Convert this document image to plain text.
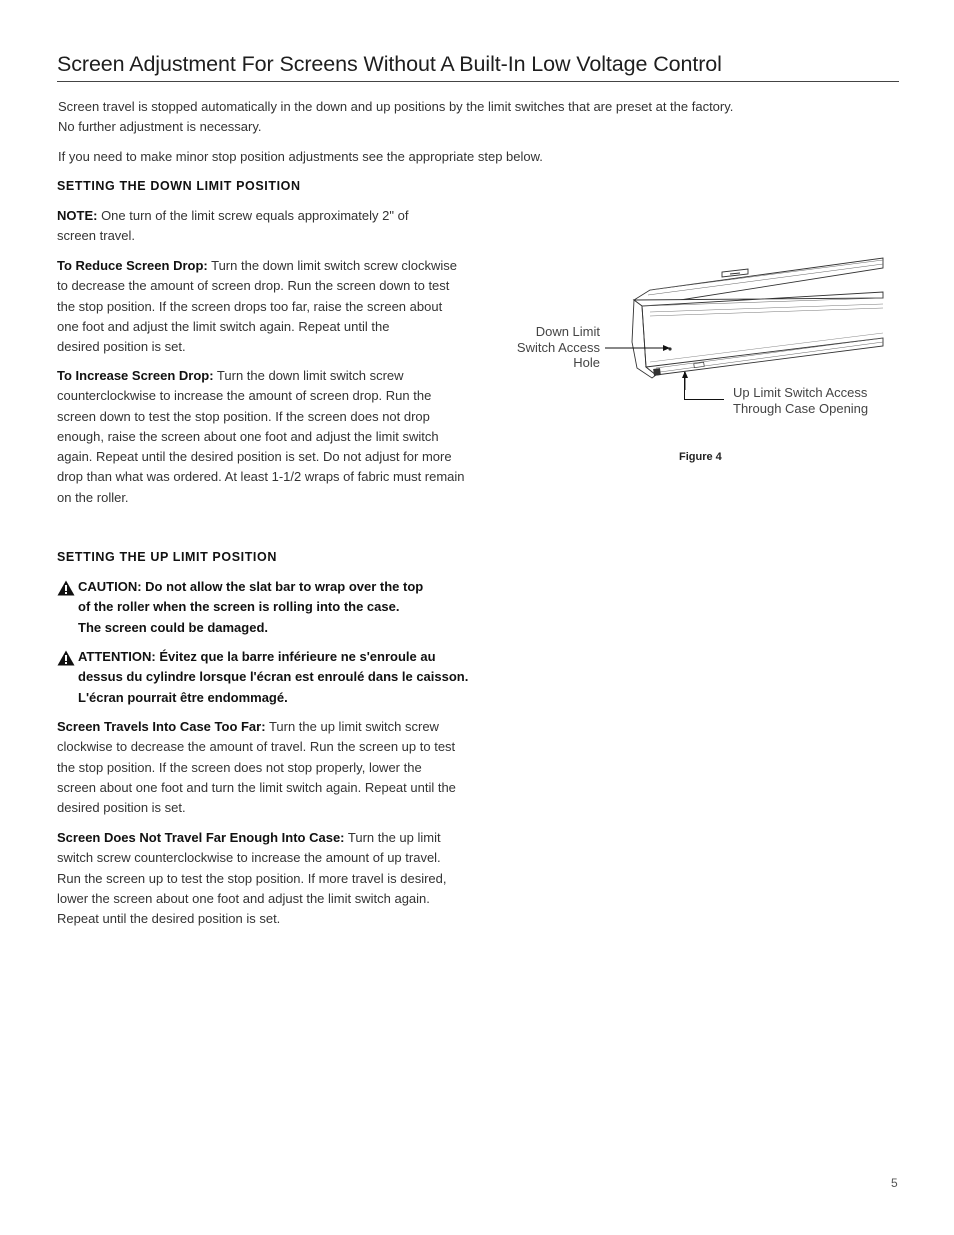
Screen Adjustment For Screens Without A Built-In Low Voltage Control

Screen travel is stopped automatically in the down and up positions by the limit switches that are preset at the factory.

No further adjustment is necessary.

If you need to make minor stop position adjustments see the appropriate step below.

SETTING THE DOWN LIMIT POSITION

NOTE: One turn of the limit screw equals approximately 2" of

screen travel.

To Reduce Screen Drop: Turn the down limit switch screw clockwise

to decrease the amount of screen drop. Run the screen down to test

the stop position. If the screen drops too far, raise the screen about

one foot and adjust the limit switch again. Repeat until the

desired position is set.

To Increase Screen Drop: Turn the down limit switch screw

counterclockwise to increase the amount of screen drop. Run the

screen down to test the stop position. If the screen does not drop

enough, raise the screen about one foot and adjust the limit switch

again. Repeat until the desired position is set. Do not adjust for more

drop than what was ordered. At least 1-1/2 wraps of fabric must remain

on the roller.

SETTING THE UP LIMIT POSITION

CAUTION: Do not allow the slat bar to wrap over the top

of the roller when the screen is rolling into the case.

The screen could be damaged.

ATTENTION: Évitez que la barre inférieure ne s'enroule au

dessus du cylindre lorsque l'écran est enroulé dans le caisson.

L'écran pourrait être endommagé.

Screen Travels Into Case Too Far: Turn the up limit switch screw

clockwise to decrease the amount of travel. Run the screen up to test

the stop position. If the screen does not stop properly, lower the

screen about one foot and turn the limit switch again. Repeat until the

desired position is set.

Screen Does Not Travel Far Enough Into Case: Turn the up limit

switch screw counterclockwise to increase the amount of up travel.

Run the screen up to test the stop position. If more travel is desired,

lower the screen about one foot and adjust the limit switch again.

Repeat until the desired position is set.

Down Limit

Switch Access

Hole

Up Limit Switch Access

Through Case Opening

Figure 4
5
